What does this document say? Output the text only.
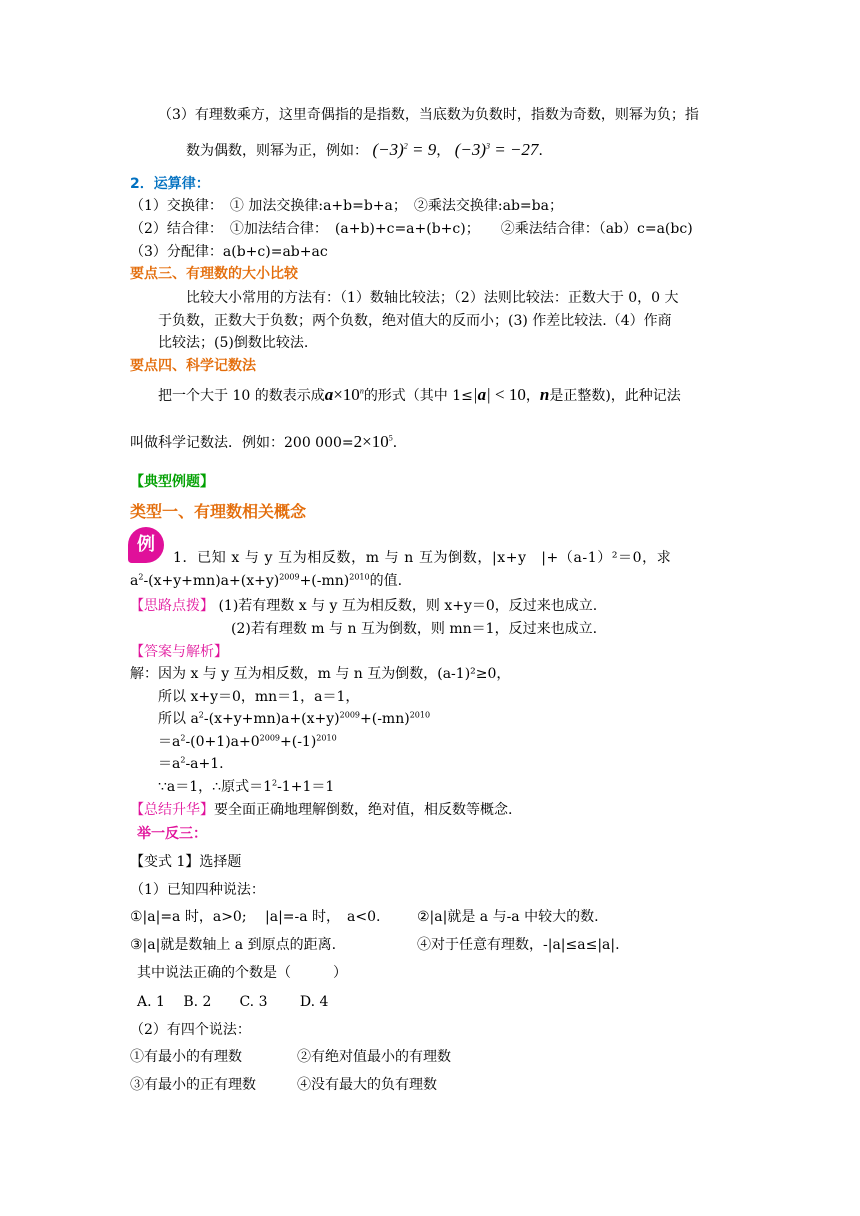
（3）有理数乘方，这里奇偶指的是指数，当底数为负数时，指数为奇数，则幂为负；指
数为偶数，则幂为正，例如： $(-3)^2 = 9$， $(-3)^3 = -27$．
2．运算律：
（1）交换律：　① 加法交换律:a+b=b+a；　②乘法交换律:ab=ba；
（2）结合律：　①加法结合律：　(a+b)+c=a+(b+c)；　　②乘法结合律：（ab）c=a(bc)
（3）分配律：a(b+c)=ab+ac
要点三、有理数的大小比较
比较大小常用的方法有：（1）数轴比较法；（2）法则比较法：正数大于 0，0 大
于负数，正数大于负数；两个负数，绝对值大的反而小；(3) 作差比较法.（4）作商
比较法；(5)倒数比较法.
要点四、科学记数法
把一个大于 10 的数表示成$a\times 10^n$的形式（其中 1≤|a| < 10，n是正整数)，此种记法
叫做科学记数法．例如：200 $000=2\times 10^5$．
【典型例题】
类型一、有理数相关概念
例
1．已知 x 与 y 互为相反数，m 与 n 互为倒数，|x+y　|+（a-1）²＝0，求
$a^2-(x+y+mn)a+(x+y)^{2009}+(-mn)^{2010}$的值.
【思路点拨】 (1)若有理数 x 与 y 互为相反数，则 x+y＝0，反过来也成立.
(2)若有理数 m 与 n 互为倒数，则 mn＝1，反过来也成立.
【答案与解析】
解：因为 x 与 y 互为相反数，m 与 n 互为倒数，(a-1)²≥0，
所以 x+y＝0，mn＝1，a＝1，
所以 $a^2-(x+y+mn)a+(x+y)^{2009}+(-mn)^{2010}$
$=a^2-(0+1)a+0^{2009}+(-1)^{2010}$
$=a^2-a+1$.
∵a＝1，∴原式$=1^2-1+1=1$
【总结升华】要全面正确地理解倒数，绝对值，相反数等概念.
举一反三：
【变式 1】选择题
（1）已知四种说法：
①|a|=a 时，a>0;　 |a|=-a 时，　a<0.	②|a|就是 a 与-a 中较大的数.
③|a|就是数轴上 a 到原点的距离.	④对于任意有理数，-|a|≤a≤|a|.
其中说法正确的个数是（　　　）
A. 1　 B. 2　　C. 3　　 D. 4
（2）有四个说法：
①有最小的有理数	②有绝对值最小的有理数
③有最小的正有理数	④没有最大的负有理数
